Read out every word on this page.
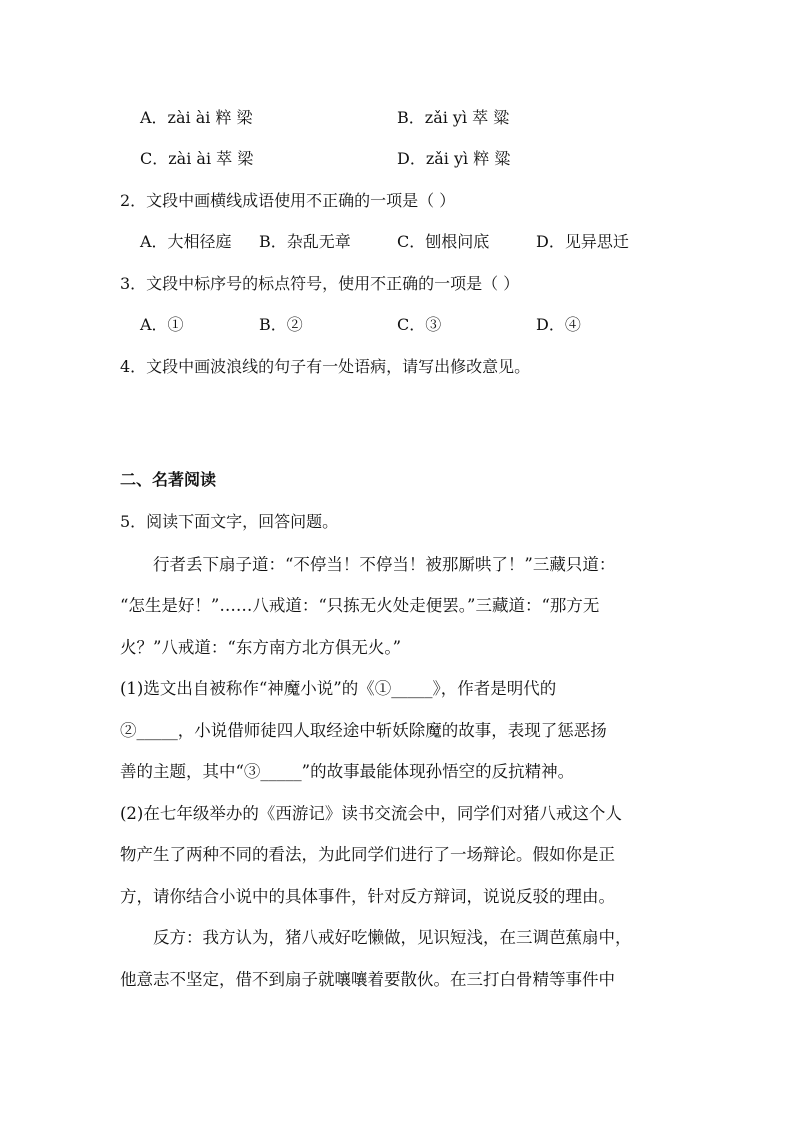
A．zài ài 粹 梁	B．zǎi yì 萃 粱
C．zài ài 萃 梁	D．zǎi yì 粹 粱
2．文段中画横线成语使用不正确的一项是（ ）
A．大相径庭 B．杂乱无章	C．刨根问底	D．见异思迁
3．文段中标序号的标点符号，使用不正确的一项是（ ）
A．①	B．②	C．③	D．④
4．文段中画波浪线的句子有一处语病，请写出修改意见。
二、名著阅读
5．阅读下面文字，回答问题。
　　行者丢下扇子道：“不停当！不停当！被那厮哄了！”三藏只道：
“怎生是好！”……八戒道：“只拣无火处走便罢。”三藏道：“那方无
火？”八戒道：“东方南方北方俱无火。”
(1)选文出自被称作“神魔小说”的《①_____》，作者是明代的
②_____，小说借师徒四人取经途中斩妖除魔的故事，表现了惩恶扬
善的主题，其中“③_____”的故事最能体现孙悟空的反抗精神。
(2)在七年级举办的《西游记》读书交流会中，同学们对猪八戒这个人
物产生了两种不同的看法，为此同学们进行了一场辩论。假如你是正
方，请你结合小说中的具体事件，针对反方辩词，说说反驳的理由。
　　反方：我方认为，猪八戒好吃懒做，见识短浅，在三调芭蕉扇中，
他意志不坚定，借不到扇子就嚷嚷着要散伙。在三打白骨精等事件中
